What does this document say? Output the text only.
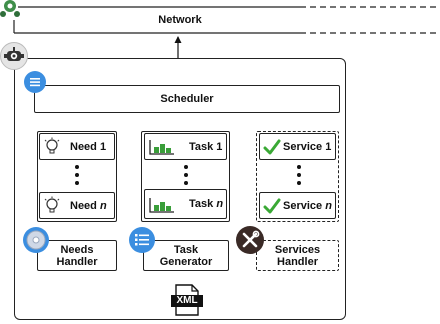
Network
Scheduler
Need 1
Need n
Task 1
Task n
Service 1
Service n
Needs
Handler
Task
Generator
Services
Handler
XML
